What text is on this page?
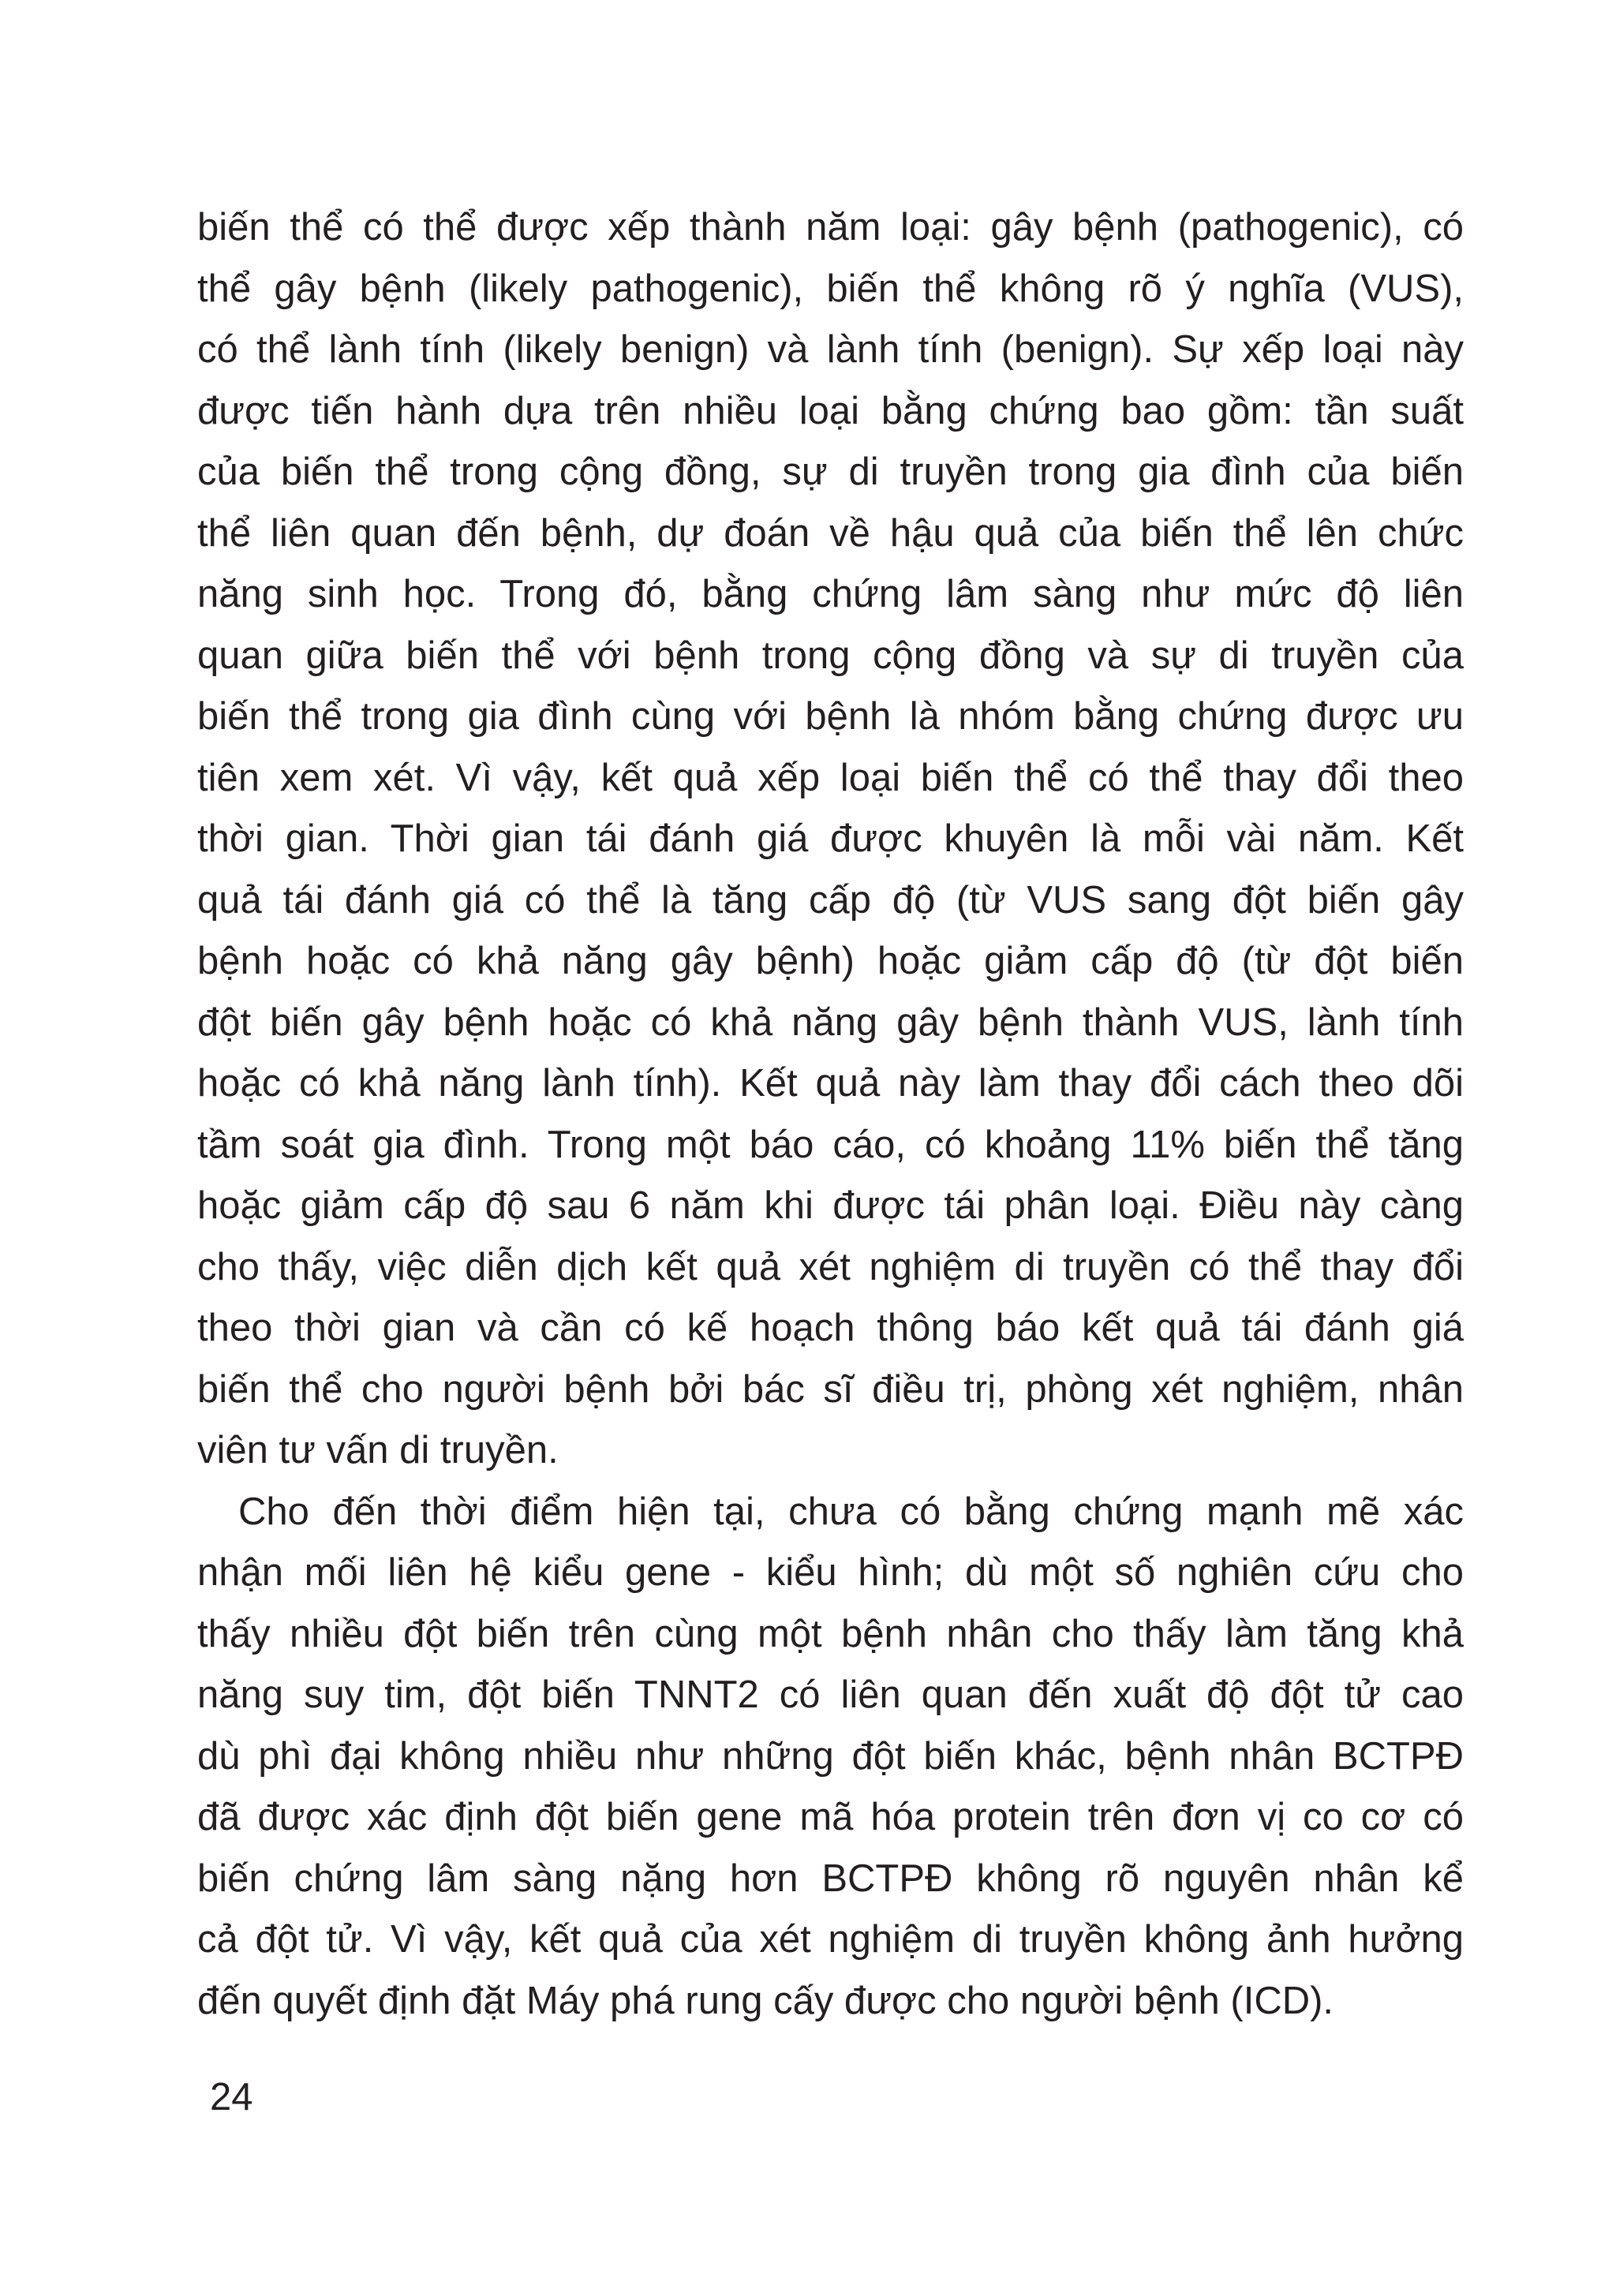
biến thể có thể được xếp thành năm loại: gây bệnh (pathogenic), có
thể gây bệnh (likely pathogenic), biến thể không rõ ý nghĩa (VUS),
có thể lành tính (likely benign) và lành tính (benign). Sự xếp loại này
được tiến hành dựa trên nhiều loại bằng chứng bao gồm: tần suất
của biến thể trong cộng đồng, sự di truyền trong gia đình của biến
thể liên quan đến bệnh, dự đoán về hậu quả của biến thể lên chức
năng sinh học. Trong đó, bằng chứng lâm sàng như mức độ liên
quan giữa biến thể với bệnh trong cộng đồng và sự di truyền của
biến thể trong gia đình cùng với bệnh là nhóm bằng chứng được ưu
tiên xem xét. Vì vậy, kết quả xếp loại biến thể có thể thay đổi theo
thời gian. Thời gian tái đánh giá được khuyên là mỗi vài năm. Kết
quả tái đánh giá có thể là tăng cấp độ (từ VUS sang đột biến gây
bệnh hoặc có khả năng gây bệnh) hoặc giảm cấp độ (từ đột biến
đột biến gây bệnh hoặc có khả năng gây bệnh thành VUS, lành tính
hoặc có khả năng lành tính). Kết quả này làm thay đổi cách theo dõi
tầm soát gia đình. Trong một báo cáo, có khoảng 11% biến thể tăng
hoặc giảm cấp độ sau 6 năm khi được tái phân loại. Điều này càng
cho thấy, việc diễn dịch kết quả xét nghiệm di truyền có thể thay đổi
theo thời gian và cần có kế hoạch thông báo kết quả tái đánh giá
biến thể cho người bệnh bởi bác sĩ điều trị, phòng xét nghiệm, nhân
viên tư vấn di truyền.

Cho đến thời điểm hiện tại, chưa có bằng chứng mạnh mẽ xác
nhận mối liên hệ kiểu gene - kiểu hình; dù một số nghiên cứu cho
thấy nhiều đột biến trên cùng một bệnh nhân cho thấy làm tăng khả
năng suy tim, đột biến TNNT2 có liên quan đến xuất độ đột tử cao
dù phì đại không nhiều như những đột biến khác, bệnh nhân BCTPĐ
đã được xác định đột biến gene mã hóa protein trên đơn vị co cơ có
biến chứng lâm sàng nặng hơn BCTPĐ không rõ nguyên nhân kể
cả đột tử. Vì vậy, kết quả của xét nghiệm di truyền không ảnh hưởng
đến quyết định đặt Máy phá rung cấy được cho người bệnh (ICD).

24
